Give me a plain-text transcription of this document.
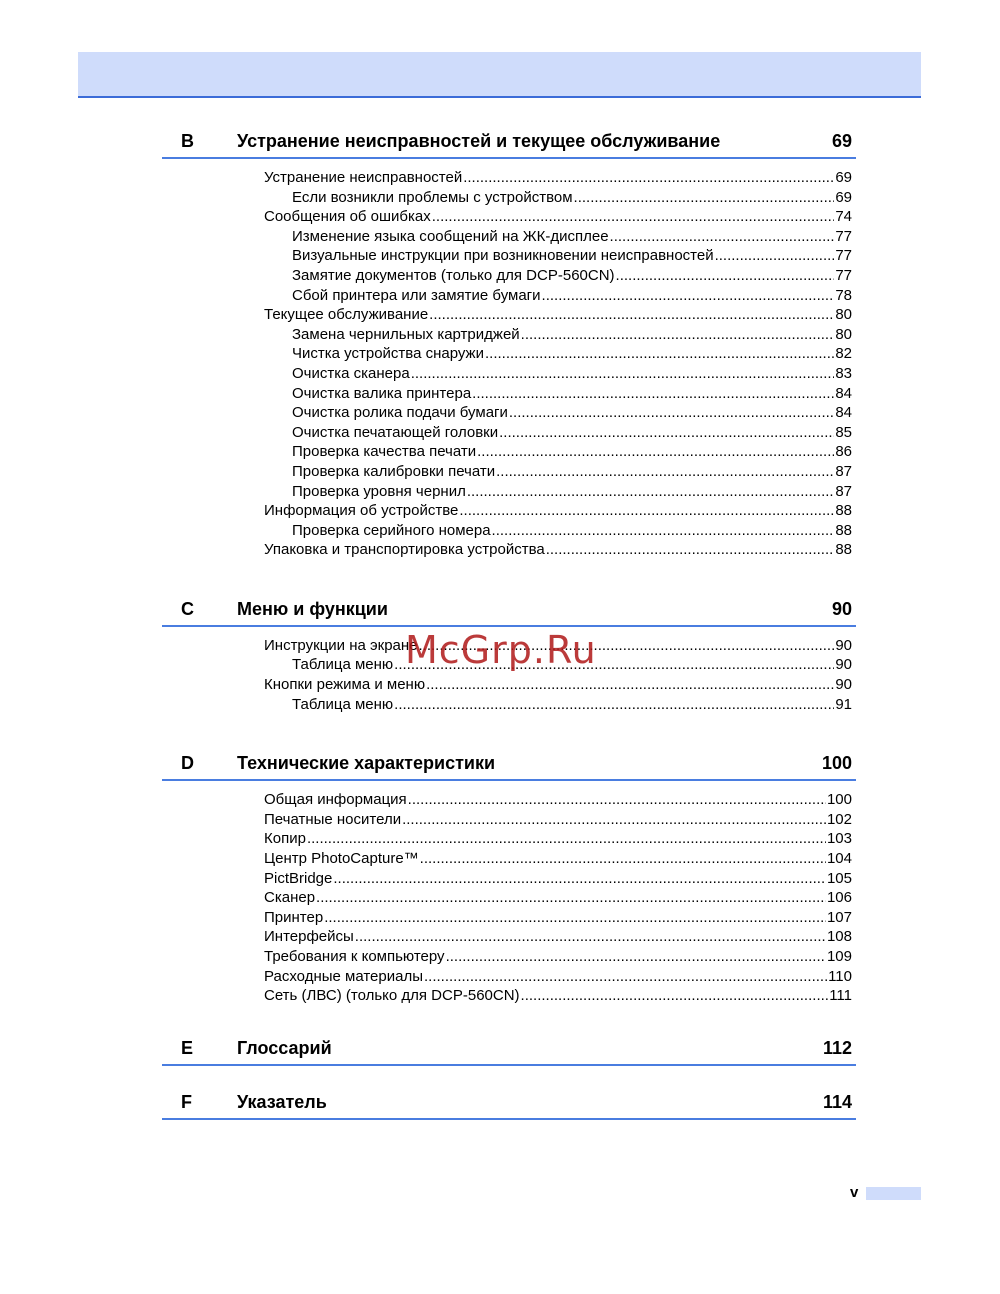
B Устранение неисправностей и текущее обслуживание	69
Устранение неисправностей .....	69
Если возникли проблемы с устройством .....	69
Сообщения об ошибках .....	74
Изменение языка сообщений на ЖК-дисплее .....	77
Визуальные инструкции при возникновении неисправностей .....	77
Замятие документов (только для DCP-560CN) .....	77
Сбой принтера или замятие бумаги .....	78
Текущее обслуживание .....	80
Замена чернильных картриджей .....	80
Чистка устройства снаружи .....	82
Очистка сканера .....	83
Очистка валика принтера .....	84
Очистка ролика подачи бумаги .....	84
Очистка печатающей головки .....	85
Проверка качества печати .....	86
Проверка калибровки печати .....	87
Проверка уровня чернил .....	87
Информация об устройстве .....	88
Проверка серийного номера .....	88
Упаковка и транспортировка устройства .....	88
C Меню и функции	90
Инструкции на экране .....	90
Таблица меню .....	90
Кнопки режима и меню .....	90
Таблица меню .....	91
D Технические характеристики	100
Общая информация .....	100
Печатные носители .....	102
Копир .....	103
Центр PhotoCapture™ .....	104
PictBridge .....	105
Сканер .....	106
Принтер .....	107
Интерфейсы .....	108
Требования к компьютеру .....	109
Расходные материалы .....	110
Сеть (ЛВС) (только для DCP-560CN) .....	111
E Глоссарий	112
F	Указатель	114
McGrp.Ru
v
